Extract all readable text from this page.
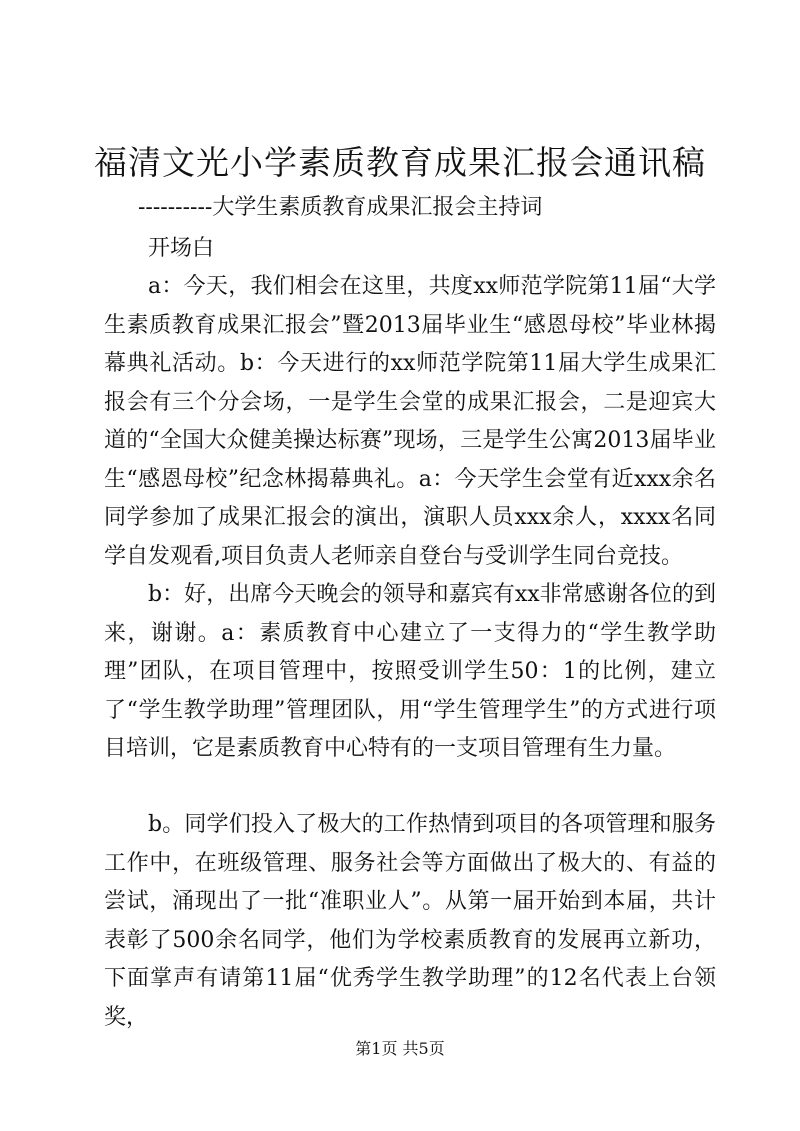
福清文光小学素质教育成果汇报会通讯稿
----------大学生素质教育成果汇报会主持词
开场白

a：今天，我们相会在这里，共度xx师范学院第11届“大学生素质教育成果汇报会”暨2013届毕业生“感恩母校”毕业林揭幕典礼活动。b：今天进行的xx师范学院第11届大学生成果汇报会有三个分会场，一是学生会堂的成果汇报会，二是迎宾大道的“全国大众健美操达标赛”现场，三是学生公寓2013届毕业生“感恩母校”纪念林揭幕典礼。a：今天学生会堂有近xxx余名同学参加了成果汇报会的演出，演职人员xxx余人，xxxx名同学自发观看,项目负责人老师亲自登台与受训学生同台竞技。

b：好，出席今天晚会的领导和嘉宾有xx非常感谢各位的到来，谢谢。a：素质教育中心建立了一支得力的“学生教学助理”团队，在项目管理中，按照受训学生50：1的比例，建立了“学生教学助理”管理团队，用“学生管理学生”的方式进行项目培训，它是素质教育中心特有的一支项目管理有生力量。

b。同学们投入了极大的工作热情到项目的各项管理和服务工作中，在班级管理、服务社会等方面做出了极大的、有益的尝试，涌现出了一批“准职业人”。从第一届开始到本届，共计表彰了500余名同学，他们为学校素质教育的发展再立新功，下面掌声有请第11届“优秀学生教学助理”的12名代表上台领奖，

第1页 共5页
